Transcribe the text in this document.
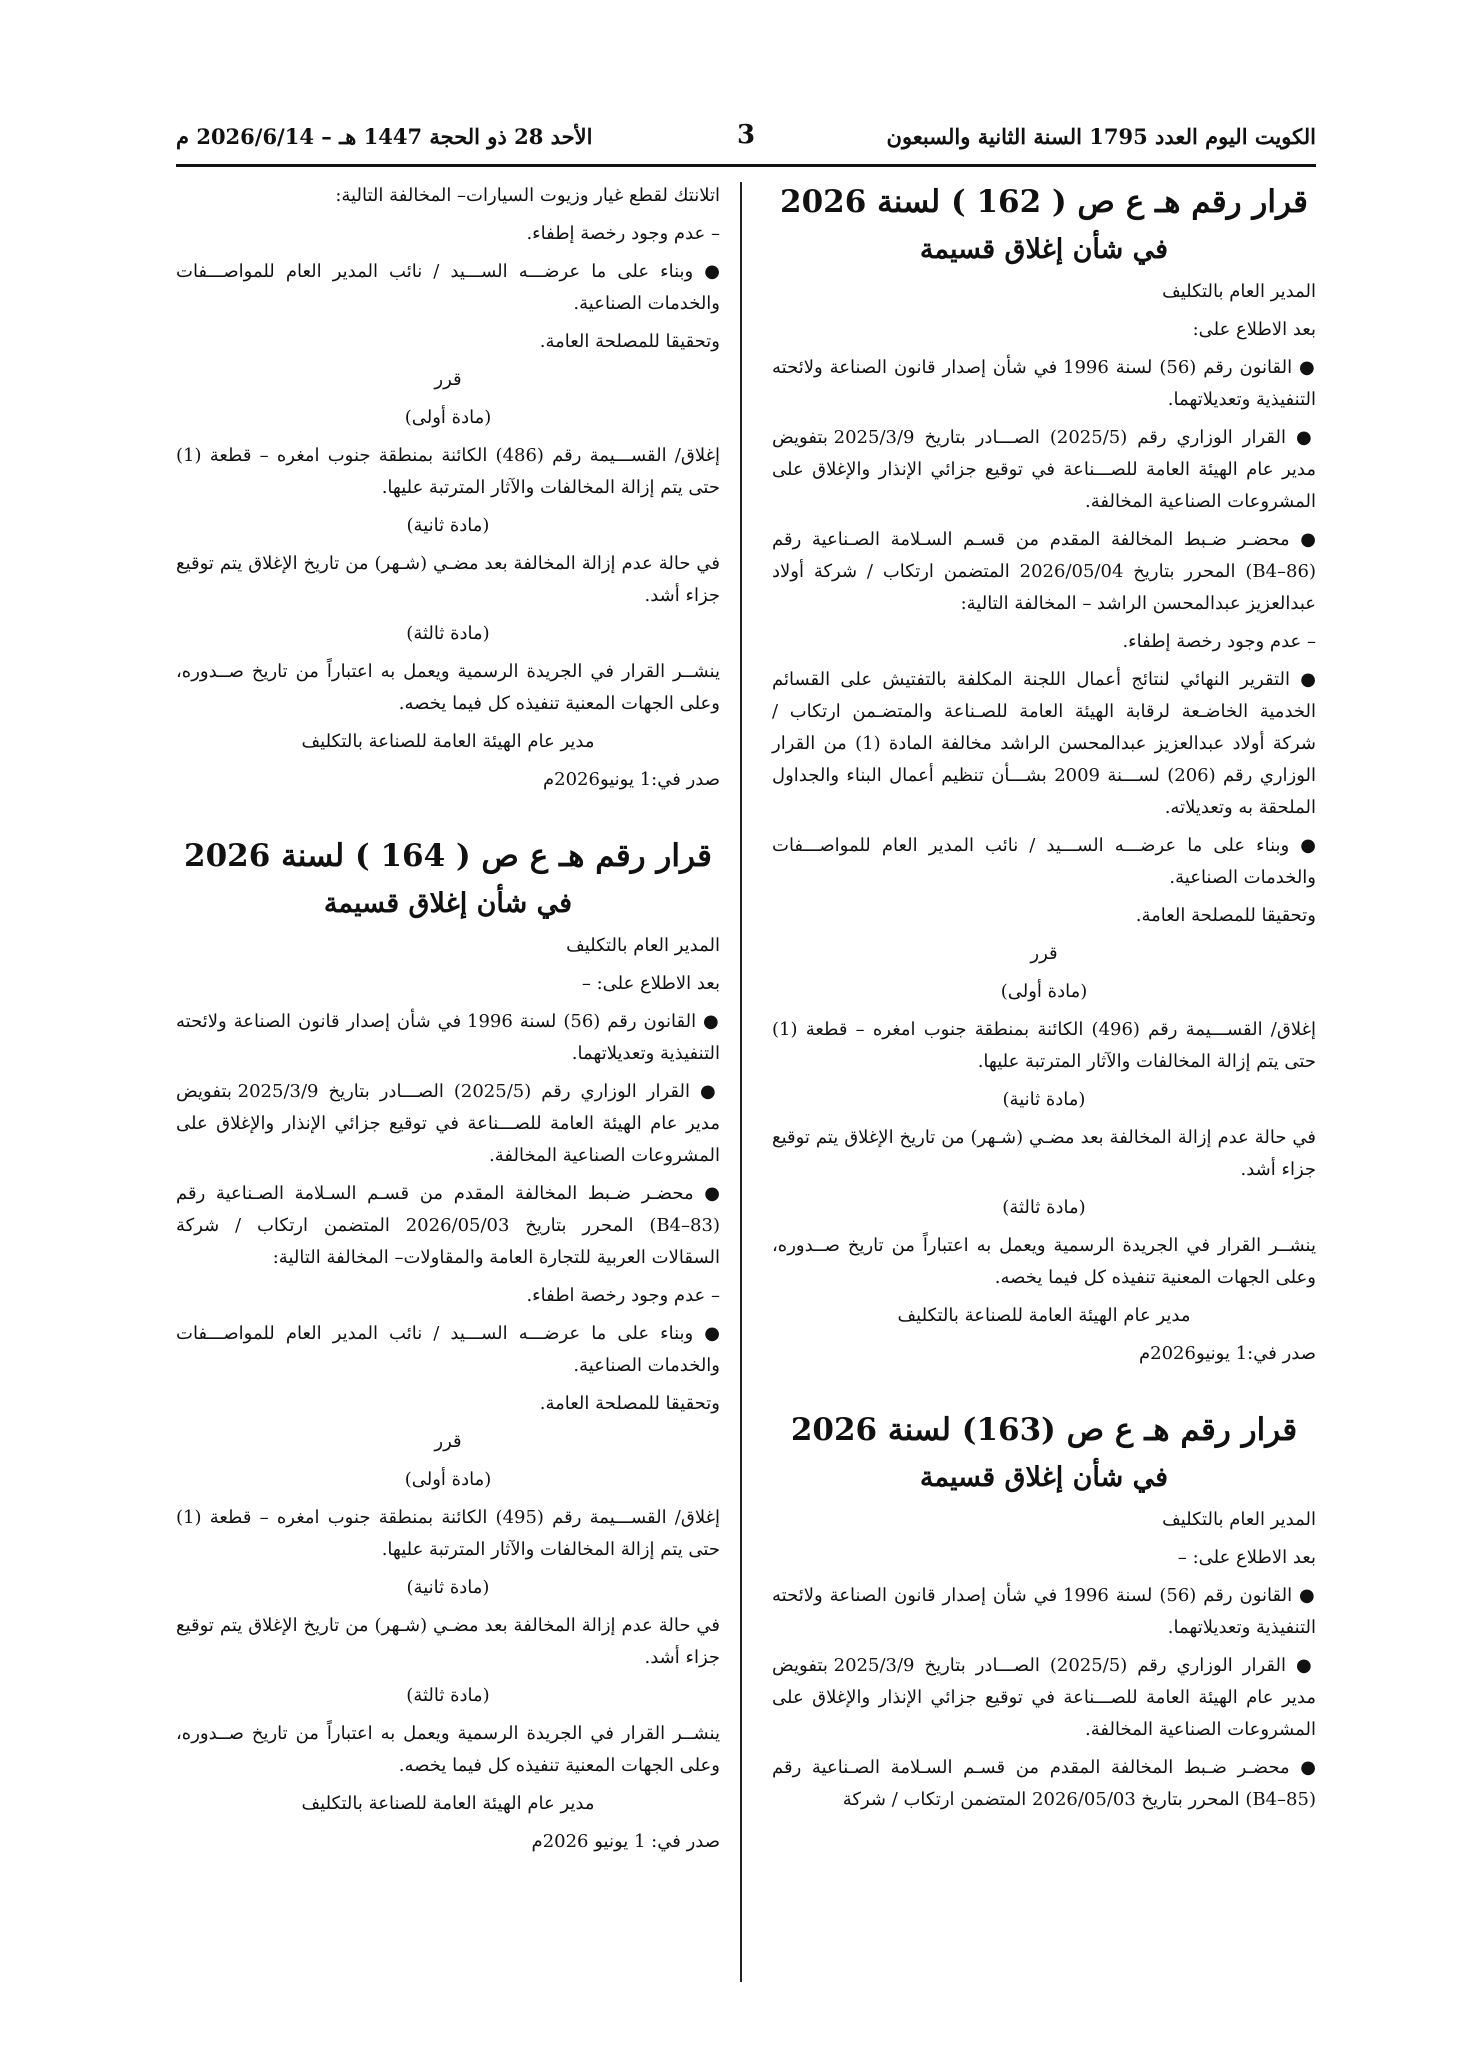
الكويت اليوم العدد 1795 السنة الثانية والسبعون
3
الأحد 28 ذو الحجة 1447 هـ – 2026/6/14 م

قرار رقم هـ ع ص ( 162 ) لسنة 2026

في شأن إغلاق قسيمة

المدير العام بالتكليف

بعد الاطلاع على:

● القانون رقم (56) لسنة 1996 في شأن إصدار قانون الصناعة ولائحته التنفيذية وتعديلاتهما.

● القرار الوزاري رقم (2025/5) الصـــادر بتاريخ 2025/3/9 بتفويض مدير عام الهيئة العامة للصـــناعة في توقيع جزائي الإنذار والإغلاق على المشروعات الصناعية المخالفة.

● محضـر ضـبط المخالفة المقدم من قسـم السـلامة الصـناعية رقم (B4–86) المحرر بتاريخ 2026/05/04 المتضمن ارتكاب / شركة أولاد عبدالعزيز عبدالمحسن الراشد – المخالفة التالية:

– عدم وجود رخصة إطفاء.

● التقرير النهائي لنتائج أعمال اللجنة المكلفة بالتفتيش على القسائم الخدمية الخاضـعة لرقابة الهيئة العامة للصـناعة والمتضـمن ارتكاب / شركة أولاد عبدالعزيز عبدالمحسن الراشد مخالفة المادة (1) من القرار الوزاري رقم (206) لســـنة 2009 بشـــأن تنظيم أعمال البناء والجداول الملحقة به وتعديلاته.

● وبناء على ما عرضـــه الســـيد / نائب المدير العام للمواصـــفات والخدمات الصناعية.

وتحقيقا للمصلحة العامة.

قرر

(مادة أولى)

إغلاق/ القســـيمة رقم (496) الكائنة بمنطقة جنوب امغره – قطعة (1) حتى يتم إزالة المخالفات والآثار المترتبة عليها.

(مادة ثانية)

في حالة عدم إزالة المخالفة بعد مضـي (شـهر) من تاريخ الإغلاق يتم توقيع جزاء أشد.

(مادة ثالثة)

ينشــر القرار في الجريدة الرسمية ويعمل به اعتباراً من تاريخ صــدوره، وعلى الجهات المعنية تنفيذه كل فيما يخصه.

مدير عام الهيئة العامة للصناعة بالتكليف

صدر في:1 يونيو2026م

قرار رقم هـ ع ص (163) لسنة 2026

في شأن إغلاق قسيمة

المدير العام بالتكليف

بعد الاطلاع على: –

● القانون رقم (56) لسنة 1996 في شأن إصدار قانون الصناعة ولائحته التنفيذية وتعديلاتهما.

● القرار الوزاري رقم (2025/5) الصـــادر بتاريخ 2025/3/9 بتفويض مدير عام الهيئة العامة للصـــناعة في توقيع جزائي الإنذار والإغلاق على المشروعات الصناعية المخالفة.

● محضـر ضـبط المخالفة المقدم من قسـم السـلامة الصـناعية رقم (B4–85) المحرر بتاريخ 2026/05/03 المتضمن ارتكاب / شركة

اتلانتك لقطع غيار وزيوت السيارات– المخالفة التالية:

– عدم وجود رخصة إطفاء.

● وبناء على ما عرضـــه الســـيد / نائب المدير العام للمواصـــفات والخدمات الصناعية.

وتحقيقا للمصلحة العامة.

قرر

(مادة أولى)

إغلاق/ القســـيمة رقم (486) الكائنة بمنطقة جنوب امغره – قطعة (1) حتى يتم إزالة المخالفات والآثار المترتبة عليها.

(مادة ثانية)

في حالة عدم إزالة المخالفة بعد مضـي (شـهر) من تاريخ الإغلاق يتم توقيع جزاء أشد.

(مادة ثالثة)

ينشــر القرار في الجريدة الرسمية ويعمل به اعتباراً من تاريخ صــدوره، وعلى الجهات المعنية تنفيذه كل فيما يخصه.

مدير عام الهيئة العامة للصناعة بالتكليف

صدر في:1 يونيو2026م

قرار رقم هـ ع ص ( 164 ) لسنة 2026

في شأن إغلاق قسيمة

المدير العام بالتكليف

بعد الاطلاع على: –

● القانون رقم (56) لسنة 1996 في شأن إصدار قانون الصناعة ولائحته التنفيذية وتعديلاتهما.

● القرار الوزاري رقم (2025/5) الصـــادر بتاريخ 2025/3/9 بتفويض مدير عام الهيئة العامة للصـــناعة في توقيع جزائي الإنذار والإغلاق على المشروعات الصناعية المخالفة.

● محضـر ضـبط المخالفة المقدم من قسـم السـلامة الصـناعية رقم (B4–83) المحرر بتاريخ 2026/05/03 المتضمن ارتكاب / شركة السقالات العربية للتجارة العامة والمقاولات– المخالفة التالية:

– عدم وجود رخصة اطفاء.

● وبناء على ما عرضـــه الســـيد / نائب المدير العام للمواصـــفات والخدمات الصناعية.

وتحقيقا للمصلحة العامة.

قرر

(مادة أولى)

إغلاق/ القســـيمة رقم (495) الكائنة بمنطقة جنوب امغره – قطعة (1) حتى يتم إزالة المخالفات والآثار المترتبة عليها.

(مادة ثانية)

في حالة عدم إزالة المخالفة بعد مضـي (شـهر) من تاريخ الإغلاق يتم توقيع جزاء أشد.

(مادة ثالثة)

ينشــر القرار في الجريدة الرسمية ويعمل به اعتباراً من تاريخ صــدوره، وعلى الجهات المعنية تنفيذه كل فيما يخصه.

مدير عام الهيئة العامة للصناعة بالتكليف

صدر في: 1 يونيو 2026م
